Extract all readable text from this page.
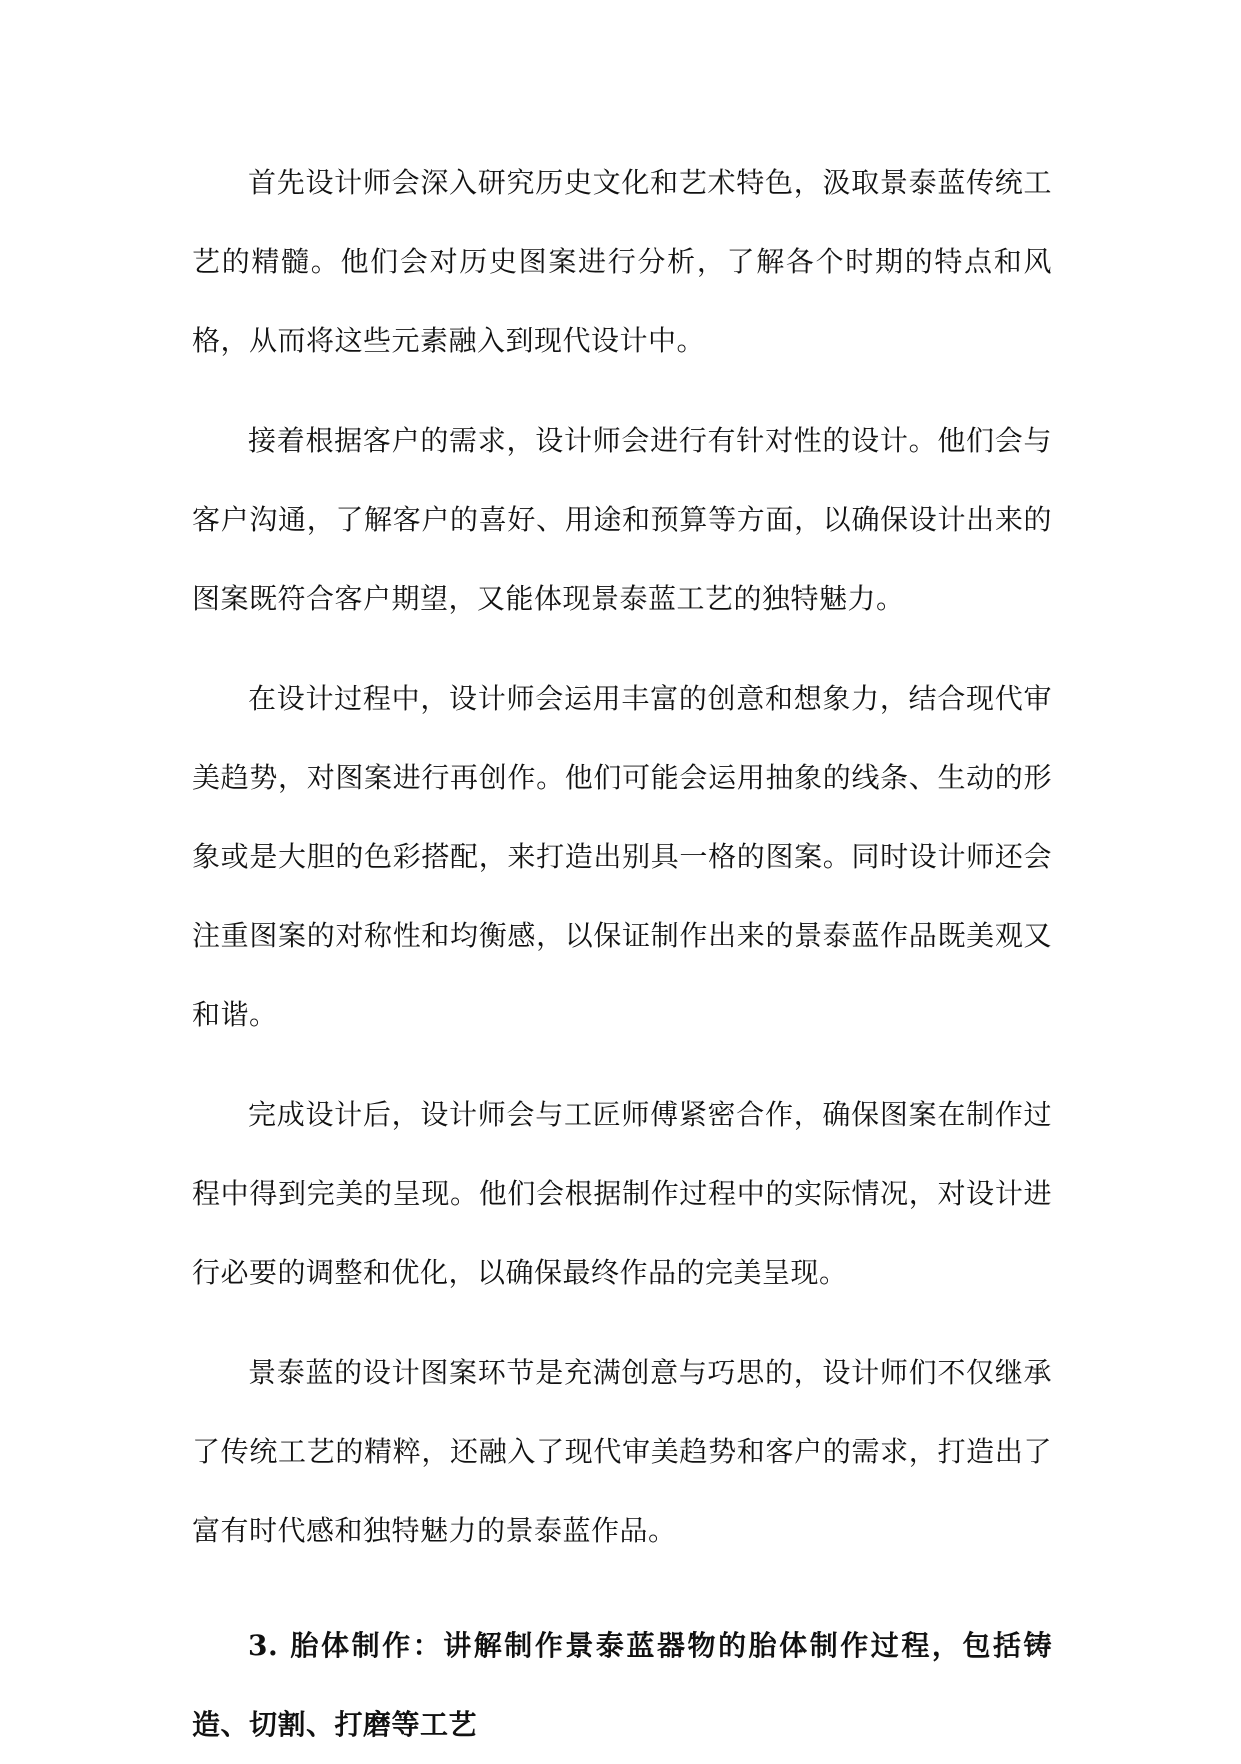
首先设计师会深入研究历史文化和艺术特色，汲取景泰蓝传统工艺的精髓。他们会对历史图案进行分析，了解各个时期的特点和风格，从而将这些元素融入到现代设计中。

接着根据客户的需求，设计师会进行有针对性的设计。他们会与客户沟通，了解客户的喜好、用途和预算等方面，以确保设计出来的图案既符合客户期望，又能体现景泰蓝工艺的独特魅力。

在设计过程中，设计师会运用丰富的创意和想象力，结合现代审美趋势，对图案进行再创作。他们可能会运用抽象的线条、生动的形象或是大胆的色彩搭配，来打造出别具一格的图案。同时设计师还会注重图案的对称性和均衡感，以保证制作出来的景泰蓝作品既美观又和谐。

完成设计后，设计师会与工匠师傅紧密合作，确保图案在制作过程中得到完美的呈现。他们会根据制作过程中的实际情况，对设计进行必要的调整和优化，以确保最终作品的完美呈现。

景泰蓝的设计图案环节是充满创意与巧思的，设计师们不仅继承了传统工艺的精粹，还融入了现代审美趋势和客户的需求，打造出了富有时代感和独特魅力的景泰蓝作品。

3. 胎体制作：讲解制作景泰蓝器物的胎体制作过程，包括铸造、切割、打磨等工艺
